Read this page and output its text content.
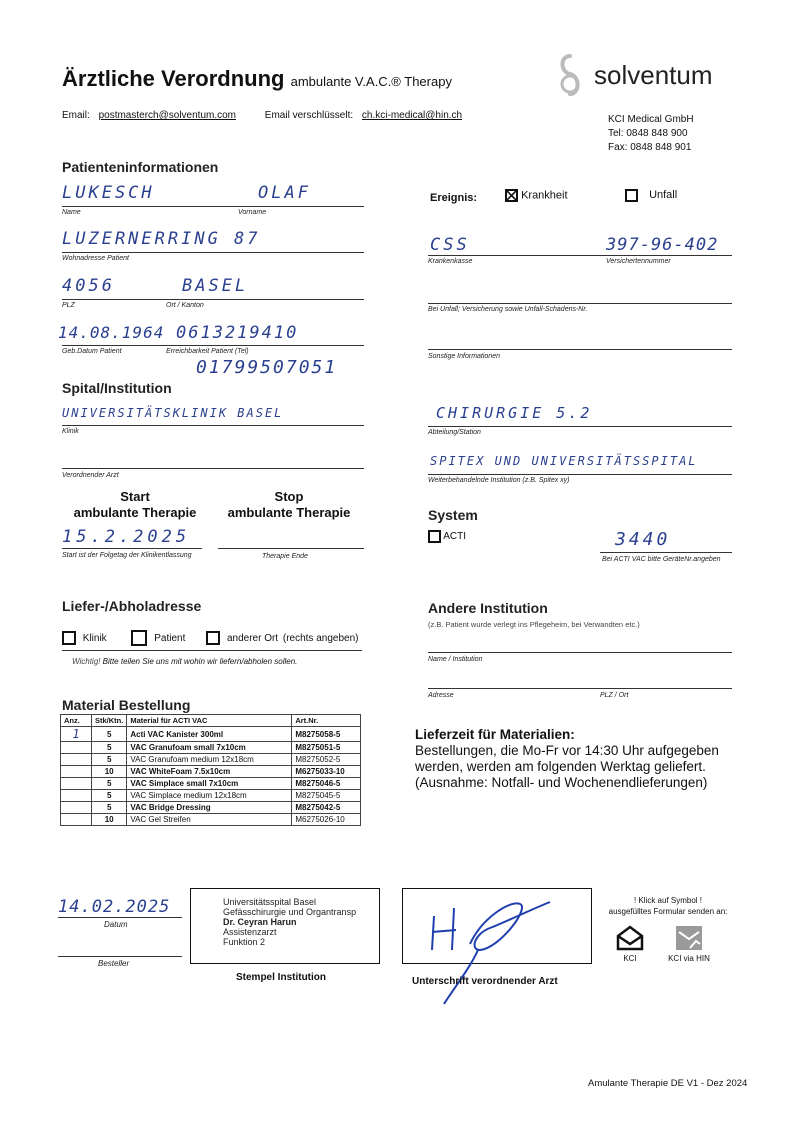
Ärztliche Verordnung ambulante V.A.C.® Therapy	solventum
Email: postmasterch@solventum.com	Email verschlüsselt: ch.kci-medical@hin.ch	KCI Medical GmbH
Tel: 0848 848 900
Fax: 0848 848 901
Patienteninformationen
LUKESCH	OLAF
Name	Vorname
LUZERNERRING 87
Wohnadresse Patient
4056	BASEL
PLZ	Ort / Kanton
14.08.1964 0613219410
Geb.Datum Patient	Erreichbarkeit Patient (Tel)
01799507051
Ereignis:	Krankheit	Unfall
CSS	397-96-402
Krankenkasse	Versichertennummer
Bei Unfall; Versicherung sowie Unfall-Schadens-Nr.
Sonstige Informationen
Spital/Institution
UNIVERSITÄTSKLINIK BASEL
Klinik
Verordnender Arzt
CHIRURGIE 5.2
Abteilung/Station
SPITEX UND UNIVERSITÄTSSPITAL
Weiterbehandelnde Institution (z.B. Spitex xy)
Start
ambulante Therapie
Stop
ambulante Therapie
15.2.2025
Start ist der Folgetag der Klinikentlassung	Therapie Ende
System
ACTI	3440
Bei ACTI VAC bitte GeräteNr.angeben
Liefer-/Abholadresse
Klinik	Patient	anderer Ort (rechts angeben)
Wichtig! Bitte teilen Sie uns mit wohin wir liefern/abholen sollen.
Andere Institution
(z.B. Patient wurde verlegt ins Pflegeheim, bei Verwandten etc.)
Name / Institution
Adresse	PLZ / Ort
Material Bestellung
Anz.	Stk/Ktn.	Material für ACTI VAC	Art.Nr.
1	5	Acti VAC Kanister 300ml	M8275058-5
	5	VAC Granufoam small 7x10cm	M8275051-5
	5	VAC Granufoam medium 12x18cm	M8275052-5
	10	VAC WhiteFoam 7.5x10cm	M6275033-10
	5	VAC Simplace small 7x10cm	M8275046-5
	5	VAC Simplace medium 12x18cm	M8275045-5
	5	VAC Bridge Dressing	M8275042-5
	10	VAC Gel Streifen	M6275026-10
Lieferzeit für Materialien:
Bestellungen, die Mo-Fr vor 14:30 Uhr aufgegeben
werden, werden am folgenden Werktag geliefert.
(Ausnahme: Notfall- und Wochenendlieferungen)
14.02.2025
Datum
Besteller
Universitätsspital Basel
Gefässchirurgie und Organtransp
Dr. Ceyran Harun
Assistenzarzt
Funktion 2
Stempel Institution	Unterschrift verordnender Arzt
! Klick auf Symbol !
ausgefülltes Formular senden an:
KCI	KCI via HIN
Amulante Therapie DE V1 - Dez 2024
